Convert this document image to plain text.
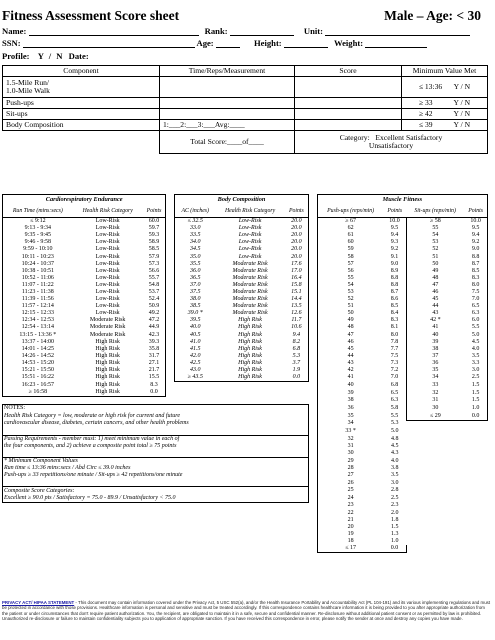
Fitness Assessment Score sheet	Male – Age: < 30
Name:	Rank:	Unit:
SSN:	Age:	Height:	Weight:
Profile: Y / N Date:
Component	Time/Reps/Measurement	Score	Minimum Value Met
1.5-Mile Run/
1.0-Mile Walk			≤ 13:36 Y / N
Push-ups			≥ 33 Y / N
Sit-ups			≥ 42 Y / N
Body Composition	1:___2:___3:___Avg:____		≤ 39 Y / N
	Total Score:____of____	Category: Excellent Satisfactory
Unsatisfactory	
Cardiorespiratory Endurance				Body Composition				Muscle Fitness			
Run Time (mins:secs)	Health Risk Category	Points		AC (inches)	Health Risk Category	Points		Push-ups (reps/min)	Points	Sit-ups (reps/min)	Points
≤ 9:12	Low-Risk	60.0		≤ 32.5	Low-Risk	20.0		≥ 67	10.0	≥ 58	10.0
9:13 - 9:34	Low-Risk	59.7		33.0	Low-Risk	20.0		62	9.5	55	9.5
9:35 - 9:45	Low-Risk	59.3		33.5	Low-Risk	20.0		61	9.4	54	9.4
9:46 - 9:58	Low-Risk	58.9		34.0	Low-Risk	20.0		60	9.3	53	9.2
9:59 - 10:10	Low-Risk	58.5		34.5	Low-Risk	20.0		59	9.2	52	9.0
10:11 - 10:23	Low-Risk	57.9		35.0	Low-Risk	20.0		58	9.1	51	8.8
10:24 - 10:37	Low-Risk	57.3		35.5	Moderate Risk	17.6		57	9.0	50	8.7
10:38 - 10:51	Low-Risk	56.6		36.0	Moderate Risk	17.0		56	8.9	49	8.5
10:52 - 11:06	Low-Risk	55.7		36.5	Moderate Risk	16.4		55	8.8	48	8.3
11:07 - 11:22	Low-Risk	54.8		37.0	Moderate Risk	15.8		54	8.8	47	8.0
11:23 - 11:38	Low-Risk	53.7		37.5	Moderate Risk	15.1		53	8.7	46	7.5
11:39 - 11:56	Low-Risk	52.4		38.0	Moderate Risk	14.4		52	8.6	45	7.0
11:57 - 12:14	Low-Risk	50.9		38.5	Moderate Risk	13.5		51	8.5	44	6.5
12:15 - 12:33	Low-Risk	49.2		39.0 *	Moderate Risk	12.6		50	8.4	43	6.3
12:34 - 12:53	Moderate Risk	47.2		39.5	High Risk	11.7		49	8.3	42 *	6.0
12:54 - 13:14	Moderate Risk	44.9		40.0	High Risk	10.6		48	8.1	41	5.5
13:15 - 13:36 *	Moderate Risk	42.3		40.5	High Risk	9.4		47	8.0	40	5.0
13:37 - 14:00	High Risk	39.3		41.0	High Risk	8.2		46	7.8	39	4.5
14:01 - 14:25	High Risk	35.8		41.5	High Risk	6.8		45	7.7	38	4.0
14:26 - 14:52	High Risk	31.7		42.0	High Risk	5.3		44	7.5	37	3.5
14:53 - 15:20	High Risk	27.1		42.5	High Risk	3.7		43	7.3	36	3.3
15:21 - 15:50	High Risk	21.7		43.0	High Risk	1.9		42	7.2	35	3.0
15:51 - 16:22	High Risk	15.5		≥ 43.5	High Risk	0.0		41	7.0	34	2.5
16:23 - 16:57	High Risk	8.3						40	6.8	33	1.5
≥ 16:58	High Risk	0.0						39	6.5	32	1.5
								38	6.3	31	1.5
NOTES:								36	5.8	30	1.0
Health Risk Category = low, moderate or high risk for current and future								35	5.5	≤ 29	0.0
cardiovascular disease, diabetes, certain cancers, and other health problems								34	5.3		
								33 *	5.0		
Passing Requirements - member must: 1) meet minimum value in each of								32	4.8		
the four components, and 2) achieve a composite point total ≥ 75 points								31	4.5		
								30	4.3		
* Minimum Component Values								29	4.0		
Run time ≤ 13:36 mins:secs / Abd Circ ≤ 39.0 inches								28	3.8		
Push-ups ≥ 33 repetitions/one minute / Sit-ups ≥ 42 repetitions/one minute								27	3.5		
								26	3.0		
Composite Score Categories:								25	2.8		
Excellent ≥ 90.0 pts / Satisfactory = 75.0 - 89.9 / Unsatisfactory < 75.0								24	2.5		
								23	2.3		
								22	2.0		
								21	1.8		
								20	1.5		
								19	1.3		
								18	1.0		
								≤ 17	0.0		
PRIVACY ACT/ HIPAA STATEMENT - This document may contain information covered under the Privacy Act, 5 USC 552(a), and/or the Health Insurance Portability and Accountability Act (PL 104-191) and its various implementing regulations and must be protected in accordance with those provisions. Healthcare information is personal and sensitive and must be treated accordingly. If this correspondence contains healthcare information it is being provided to you after appropriate authorization from the patient or under circumstances that don't require patient authorization. You, the recipient, are obligated to maintain it in a safe, secure and confidential manner. Re-disclosure without additional patient consent or as permitted by law is prohibited. Unauthorized re-disclosure or failure to maintain confidentiality subjects you to application of appropriate sanction. If you have received this correspondence in error, please notify the sender at once and destroy any copies you have made.
